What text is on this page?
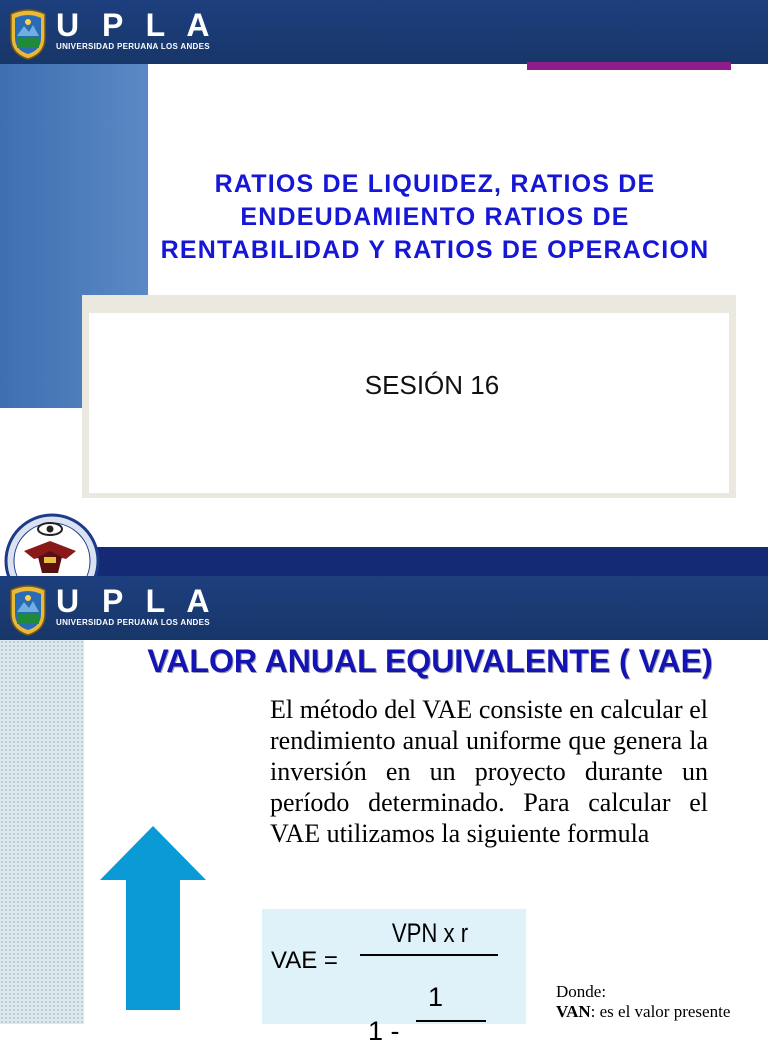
U P L A
UNIVERSIDAD PERUANA LOS ANDES
RATIOS DE LIQUIDEZ, RATIOS DE ENDEUDAMIENTO RATIOS DE RENTABILIDAD Y RATIOS DE OPERACION
SESIÓN 16
U P L A
UNIVERSIDAD PERUANA LOS ANDES
VALOR ANUAL EQUIVALENTE ( VAE)
El método del VAE consiste en calcular el rendimiento anual uniforme que genera la inversión en un proyecto durante un período determinado. Para calcular el VAE utilizamos la siguiente formula
VAE =
VPN x r
1
1 -
Donde:
VAN: es el valor presente
